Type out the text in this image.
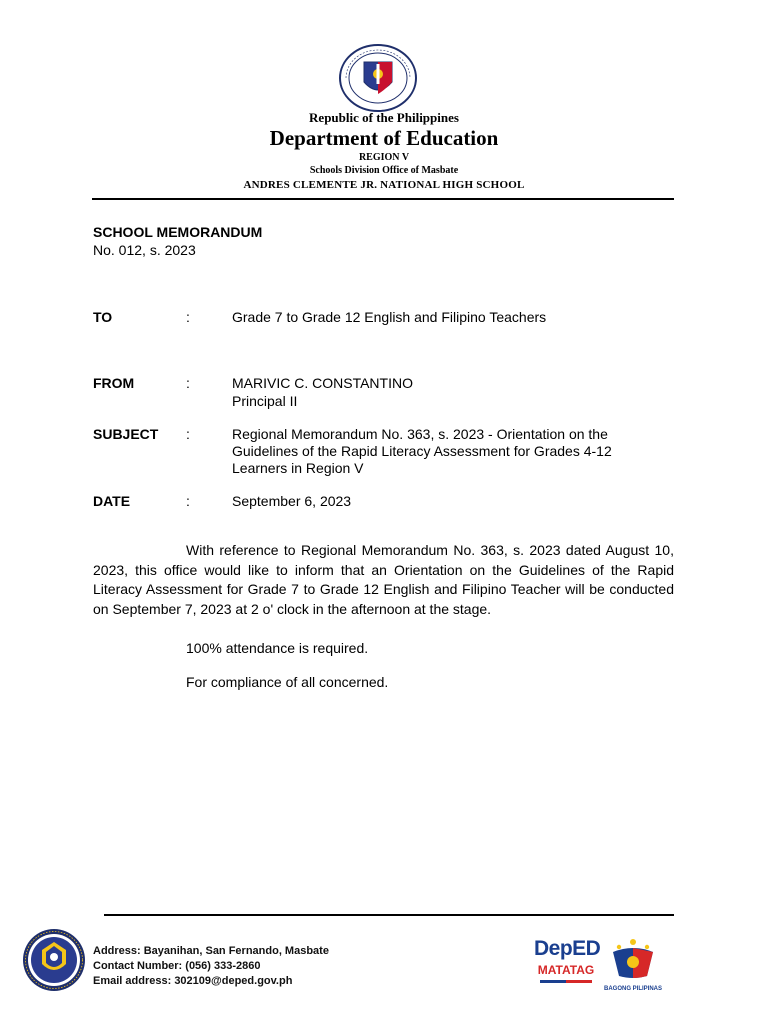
Republic of the Philippines
Department of Education
REGION V
Schools Division Office of Masbate
ANDRES CLEMENTE JR. NATIONAL HIGH SCHOOL
SCHOOL MEMORANDUM
No. 012, s. 2023
TO	:	Grade 7 to Grade 12 English and Filipino Teachers
FROM	:	MARIVIC C. CONSTANTINO
Principal II
SUBJECT :	Regional Memorandum No. 363, s. 2023 - Orientation on the Guidelines of the Rapid Literacy Assessment for Grades 4-12 Learners in Region V
DATE	:	September 6, 2023
With reference to Regional Memorandum No. 363, s. 2023 dated August 10, 2023, this office would like to inform that an Orientation on the Guidelines of the Rapid Literacy Assessment for Grade 7 to Grade 12 English and Filipino Teacher will be conducted on September 7, 2023 at 2 o' clock in the afternoon at the stage.
100% attendance is required.
For compliance of all concerned.
Address: Bayanihan, San Fernando, Masbate
Contact Number: (056) 333-2860
Email address: 302109@deped.gov.ph
DepED
MATATAG
BAGONG PILIPINAS
